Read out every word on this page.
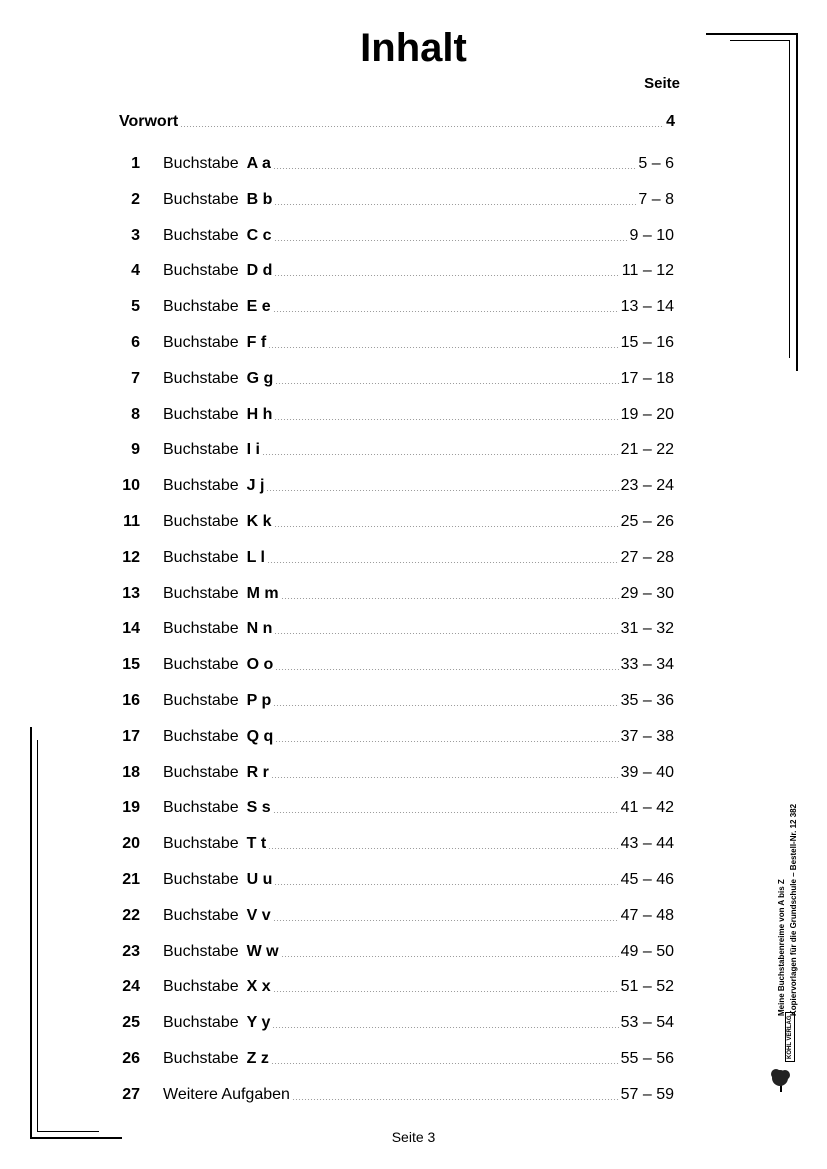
Inhalt
Seite
Vorwort	4
1 Buchstabe A a	5 – 6
2 Buchstabe B b	7 – 8
3 Buchstabe C c	9 – 10
4 Buchstabe D d	11 – 12
5 Buchstabe E e	13 – 14
6 Buchstabe F f	15 – 16
7 Buchstabe G g	17 – 18
8 Buchstabe H h	19 – 20
9 Buchstabe I i	21 – 22
10 Buchstabe J j	23 – 24
11 Buchstabe K k	25 – 26
12 Buchstabe L l	27 – 28
13 Buchstabe M m	29 – 30
14 Buchstabe N n	31 – 32
15 Buchstabe O o	33 – 34
16 Buchstabe P p	35 – 36
17 Buchstabe Q q	37 – 38
18 Buchstabe R r	39 – 40
19 Buchstabe S s	41 – 42
20 Buchstabe T t	43 – 44
21 Buchstabe U u	45 – 46
22 Buchstabe V v	47 – 48
23 Buchstabe W w	49 – 50
24 Buchstabe X x	51 – 52
25 Buchstabe Y y	53 – 54
26 Buchstabe Z z	55 – 56
27 Weitere Aufgaben	57 – 59
Meine Buchstabenreime von A bis Z Kopiervorlagen für die Grundschule – Bestell-Nr. 12 382
KOHL VERLAG
Seite 3
